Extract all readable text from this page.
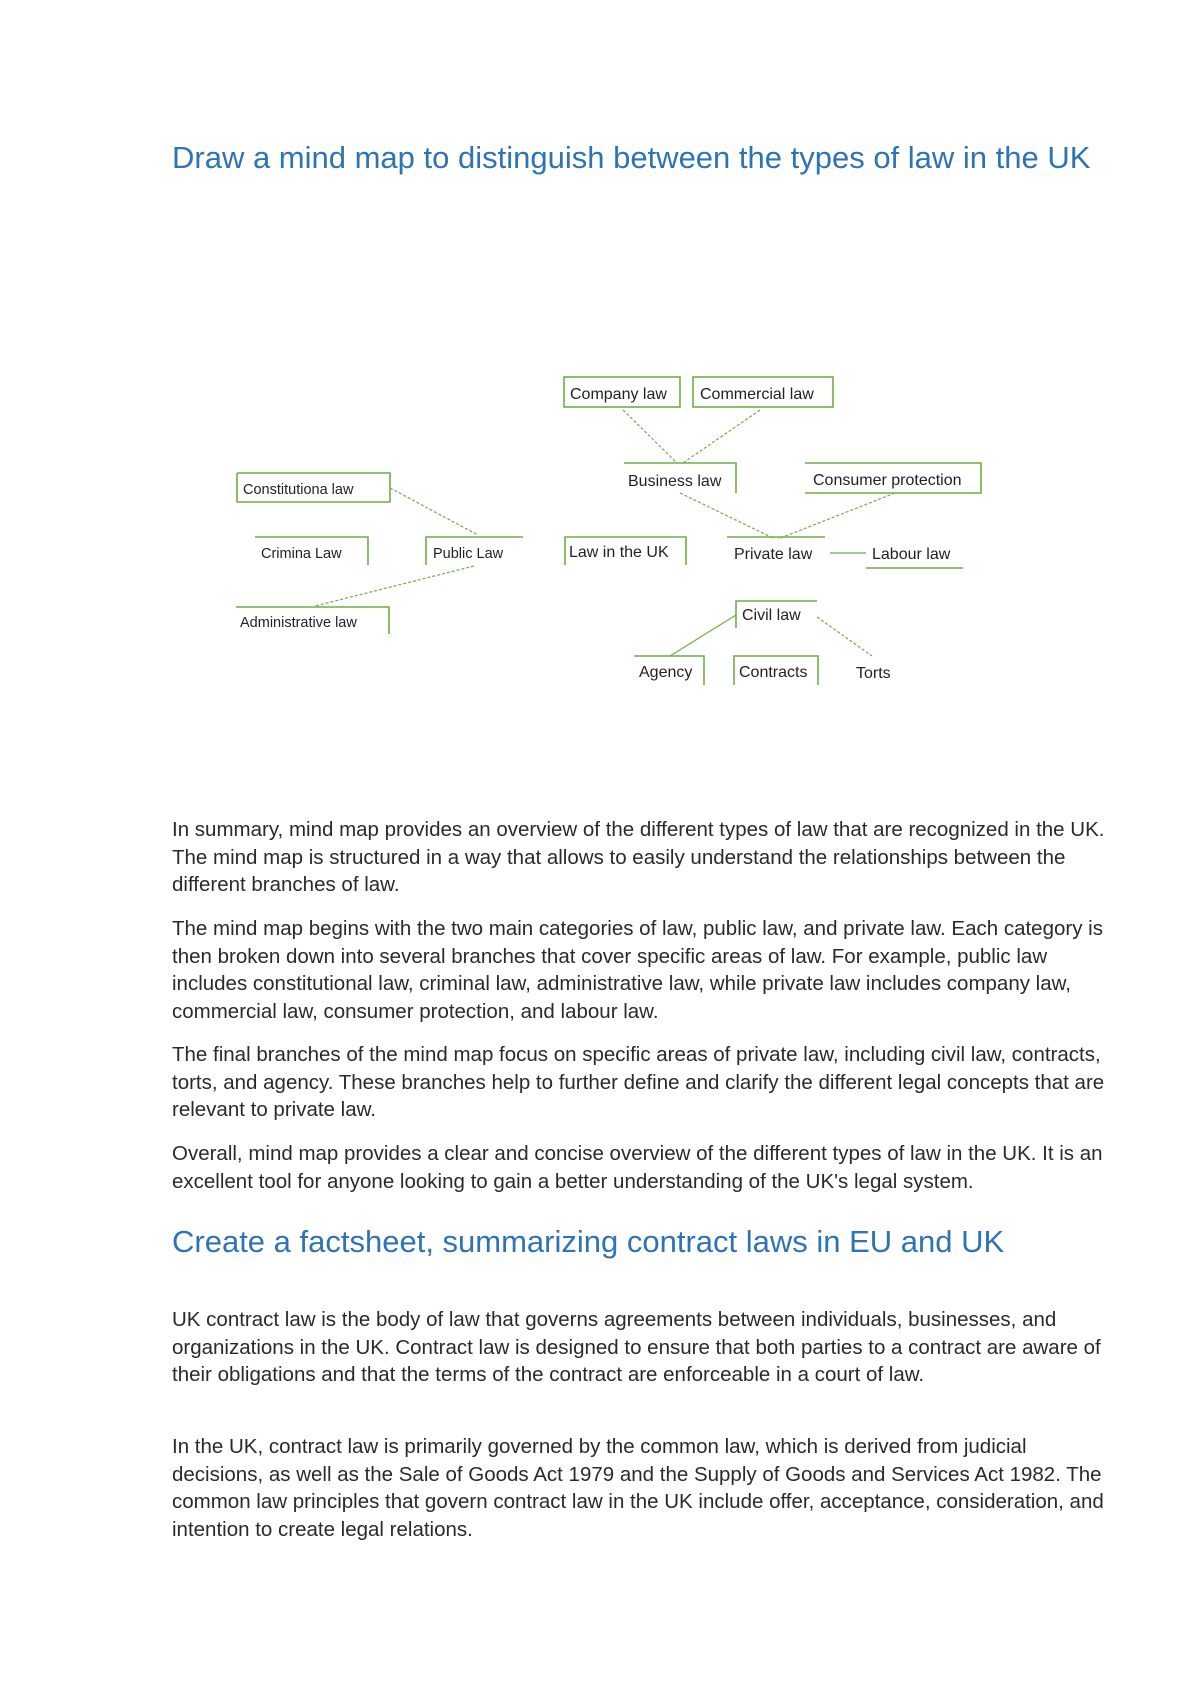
Draw a mind map to distinguish between the types of law in the UK
Company law Commercial law
Business law	Consumer protection
Constitutiona law
Crimina Law	Public Law
Administrative law
Law in the UK	Private law	Labour law
Civil law
Agency	Contracts	Torts

In summary, mind map provides an overview of the different types of law that are recognized in the UK. The mind map is structured in a way that allows to easily understand the relationships between the different branches of law.

The mind map begins with the two main categories of law, public law, and private law. Each category is then broken down into several branches that cover specific areas of law. For example, public law includes constitutional law, criminal law, administrative law, while private law includes company law, commercial law, consumer protection, and labour law.

The final branches of the mind map focus on specific areas of private law, including civil law, contracts, torts, and agency. These branches help to further define and clarify the different legal concepts that are relevant to private law.

Overall, mind map provides a clear and concise overview of the different types of law in the UK. It is an excellent tool for anyone looking to gain a better understanding of the UK's legal system.

Create a factsheet, summarizing contract laws in EU and UK

UK contract law is the body of law that governs agreements between individuals, businesses, and organizations in the UK. Contract law is designed to ensure that both parties to a contract are aware of their obligations and that the terms of the contract are enforceable in a court of law.

In the UK, contract law is primarily governed by the common law, which is derived from judicial decisions, as well as the Sale of Goods Act 1979 and the Supply of Goods and Services Act 1982. The common law principles that govern contract law in the UK include offer, acceptance, consideration, and intention to create legal relations.
